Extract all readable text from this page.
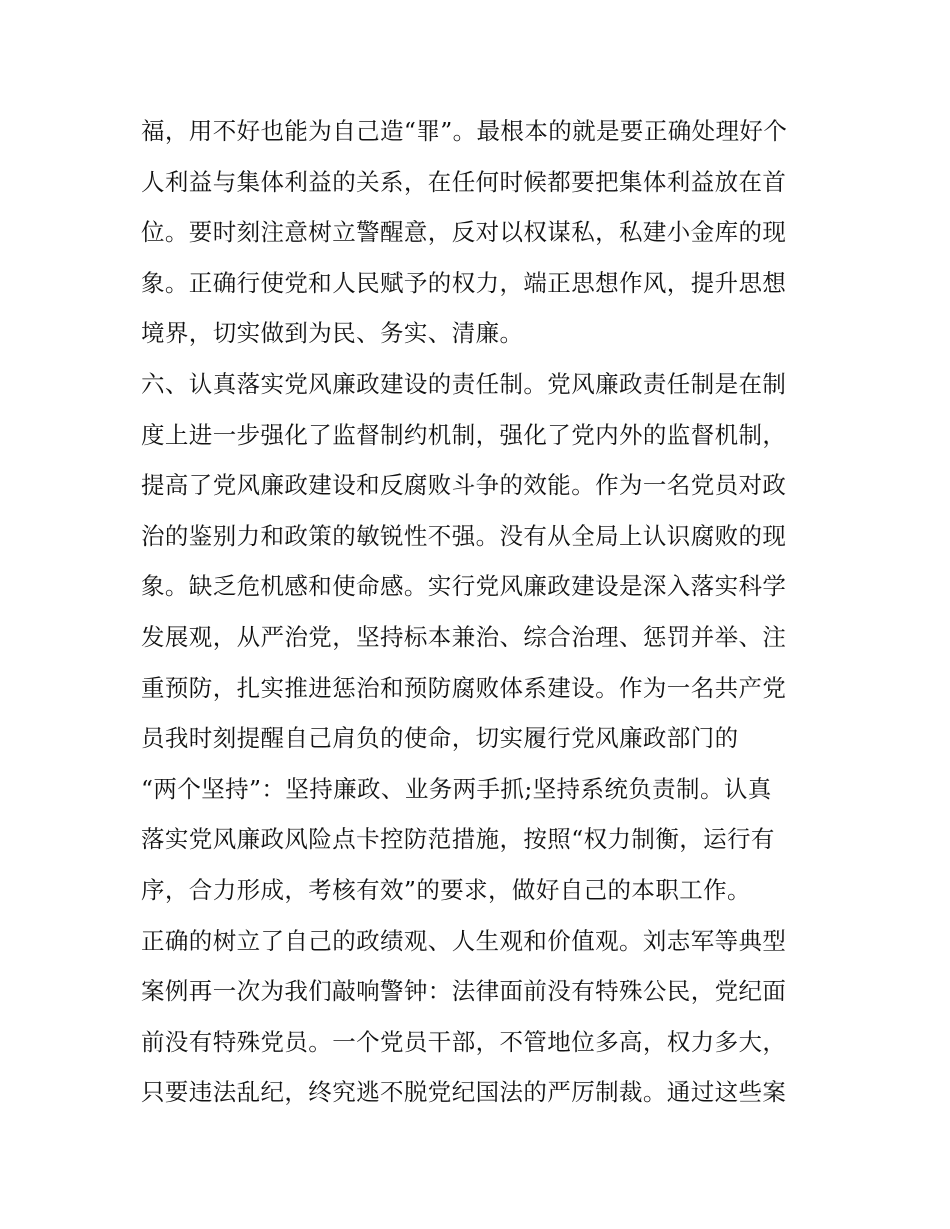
福，用不好也能为自己造“罪”。最根本的就是要正确处理好个
人利益与集体利益的关系，在任何时候都要把集体利益放在首
位。要时刻注意树立警醒意，反对以权谋私，私建小金库的现
象。正确行使党和人民赋予的权力，端正思想作风，提升思想
境界，切实做到为民、务实、清廉。
六、认真落实党风廉政建设的责任制。党风廉政责任制是在制
度上进一步强化了监督制约机制，强化了党内外的监督机制，
提高了党风廉政建设和反腐败斗争的效能。作为一名党员对政
治的鉴别力和政策的敏锐性不强。没有从全局上认识腐败的现
象。缺乏危机感和使命感。实行党风廉政建设是深入落实科学
发展观，从严治党，坚持标本兼治、综合治理、惩罚并举、注
重预防，扎实推进惩治和预防腐败体系建设。作为一名共产党
员我时刻提醒自己肩负的使命，切实履行党风廉政部门的
“两个坚持”：坚持廉政、业务两手抓;坚持系统负责制。认真
落实党风廉政风险点卡控防范措施，按照“权力制衡，运行有
序，合力形成，考核有效”的要求，做好自己的本职工作。
正确的树立了自己的政绩观、人生观和价值观。刘志军等典型
案例再一次为我们敲响警钟：法律面前没有特殊公民，党纪面
前没有特殊党员。一个党员干部，不管地位多高，权力多大，
只要违法乱纪，终究逃不脱党纪国法的严厉制裁。通过这些案
